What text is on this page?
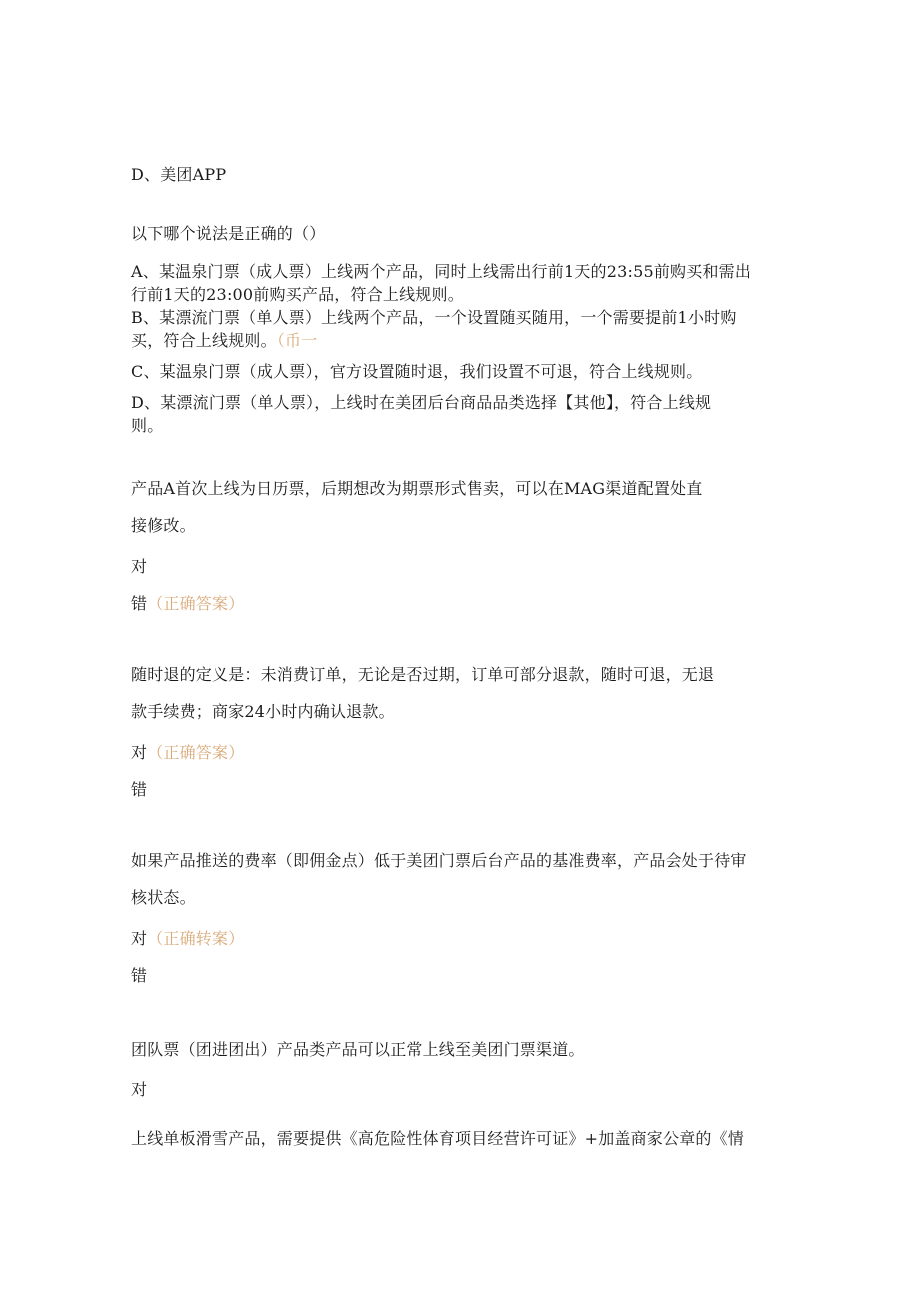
D、美团APP
以下哪个说法是正确的（）
A、某温泉门票（成人票）上线两个产品，同时上线需出行前1天的23:55前购买和需出
行前1天的23:00前购买产品，符合上线规则。
B、某漂流门票（单人票）上线两个产品，一个设置随买随用，一个需要提前1小时购
买，符合上线规则。（币一
C、某温泉门票（成人票），官方设置随时退，我们设置不可退，符合上线规则。
D、某漂流门票（单人票），上线时在美团后台商品品类选择【其他】，符合上线规
则。
产品A首次上线为日历票，后期想改为期票形式售卖，可以在MAG渠道配置处直
接修改。
对
错（正确答案）
随时退的定义是：未消费订单，无论是否过期，订单可部分退款，随时可退，无退
款手续费；商家24小时内确认退款。
对（正确答案）
错
如果产品推送的费率（即佣金点）低于美团门票后台产品的基准费率，产品会处于待审
核状态。
对（正确转案）
错
团队票（团进团出）产品类产品可以正常上线至美团门票渠道。
对
上线单板滑雪产品，需要提供《高危险性体育项目经营许可证》+加盖商家公章的《情
